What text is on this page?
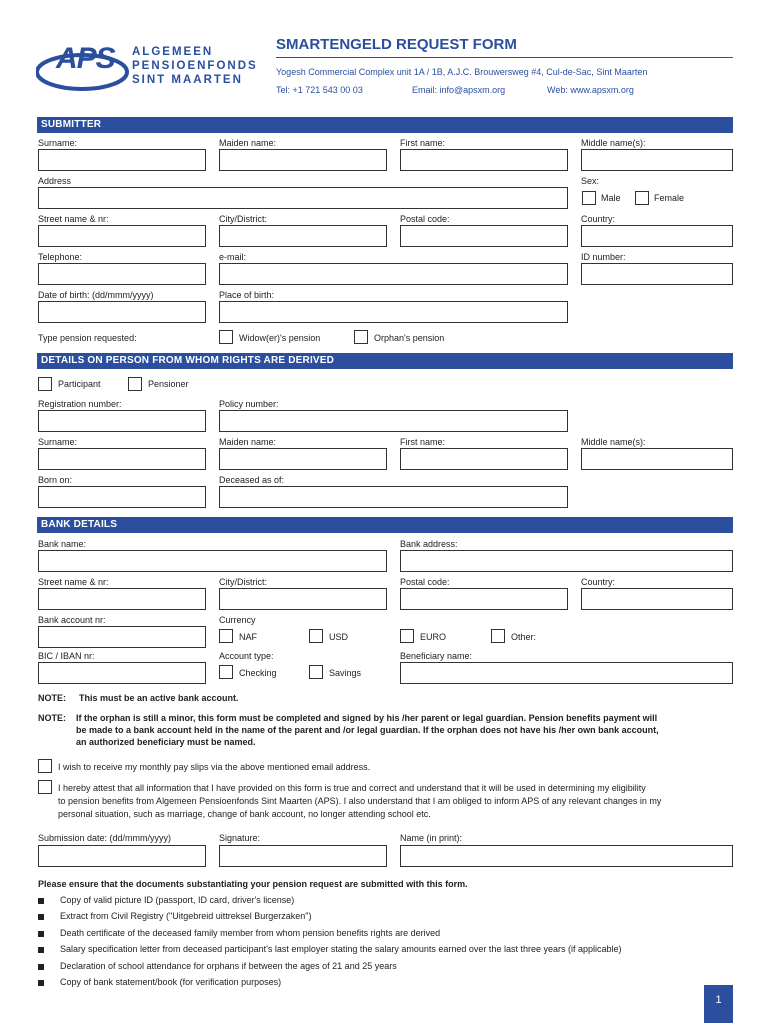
APS ALGEMEEN
PENSIOENFONDS
SINT MAARTEN
SMARTENGELD REQUEST FORM
Yogesh Commercial Complex unit 1A / 1B, A.J.C. Brouwersweg #4, Cul-de-Sac, Sint Maarten
Tel: +1 721 543 00 03	Email: info@apsxm.org	Web: www.apsxm.org
SUBMITTER
Surname:	Maiden name:	First name:	Middle name(s):
Address	Sex:
Male	Female
Street name & nr:	City/District:	Postal code:	Country:
Telephone:	e-mail:	ID number:
Date of birth: (dd/mmm/yyyy)	Place of birth:
Type pension requested:	Widow(er)'s pension	Orphan's pension
DETAILS ON PERSON FROM WHOM RIGHTS ARE DERIVED
Participant	Pensioner
Registration number:	Policy number:
Surname:	Maiden name:	First name:	Middle name(s):
Born on:	Deceased as of:
BANK DETAILS
Bank name:	Bank address:
Street name & nr:	City/District:	Postal code:	Country:
Bank account nr:	Currency
NAF	USD	EURO	Other:
BIC / IBAN nr:	Account type:	Beneficiary name:
Checking	Savings
NOTE: This must be an active bank account.
NOTE: If the orphan is still a minor, this form must be completed and signed by his /her parent or legal guardian. Pension benefits payment will
be made to a bank account held in the name of the parent and /or legal guardian. If the orphan does not have his /her own bank account,
an authorized beneficiary must be named.
I wish to receive my monthly pay slips via the above mentioned email address.
I hereby attest that all information that I have provided on this form is true and correct and understand that it will be used in determining my eligibility
to pension benefits from Algemeen Pensioenfonds Sint Maarten (APS). I also understand that I am obliged to inform APS of any relevant changes in my
personal situation, such as marriage, change of bank account, no longer attending school etc.
Submission date: (dd/mmm/yyyy)	Signature:	Name (in print):
Please ensure that the documents substantiating your pension request are submitted with this form.
Copy of valid picture ID (passport, ID card, driver's license)
Extract from Civil Registry ("Uitgebreid uittreksel Burgerzaken")
Death certificate of the deceased family member from whom pension benefits rights are derived
Salary specification letter from deceased participant's last employer stating the salary amounts earned over the last three years (if applicable)
Declaration of school attendance for orphans if between the ages of 21 and 25 years
Copy of bank statement/book (for verification purposes)
1
